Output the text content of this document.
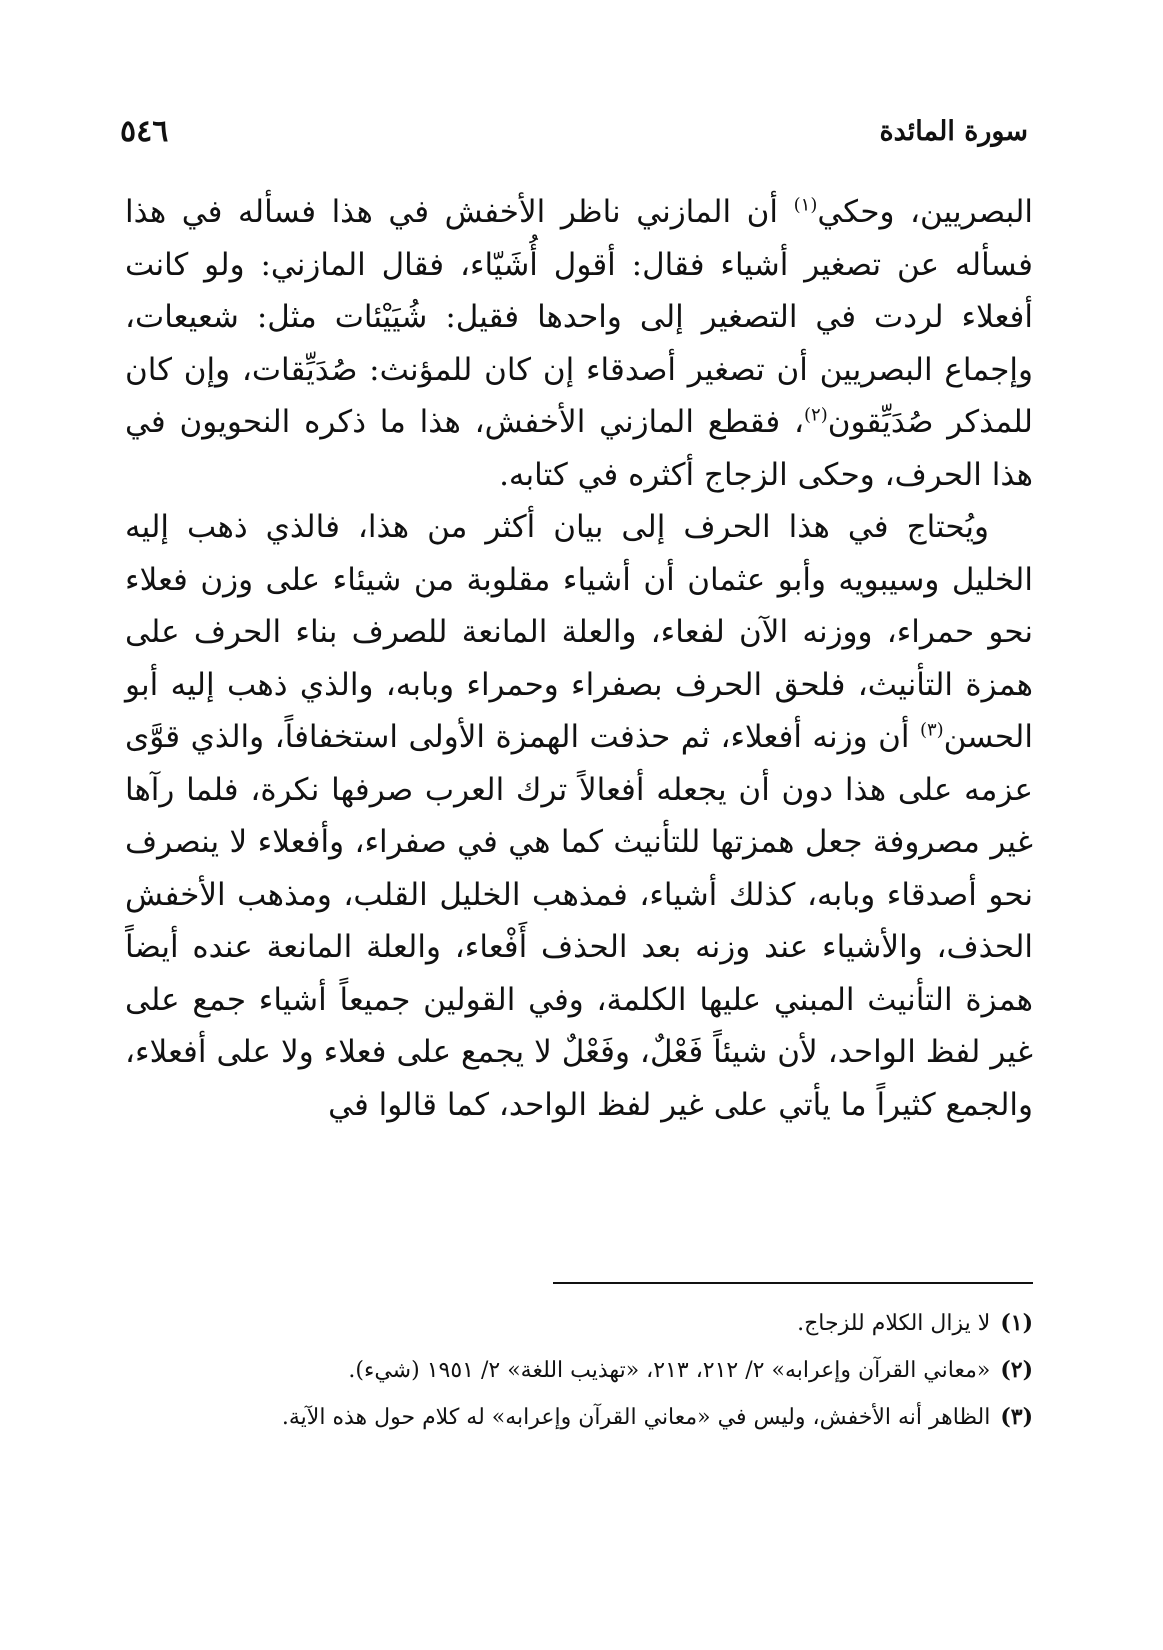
٥٤٦	سورة المائدة

البصريين، وحكي$^{(١)}$ أن المازني ناظر الأخفش في هذا فسأله في هذا فسأله عن تصغير أشياء فقال: أقول أُشَيّاء، فقال المازني: ولو كانت أفعلاء لردت في التصغير إلى واحدها فقيل: شُيَيْئات مثل: شعيعات، وإجماع البصريين أن تصغير أصدقاء إن كان للمؤنث: صُدَيِّقات، وإن كان للمذكر صُدَيِّقون$^{(٢)}$، فقطع المازني الأخفش، هذا ما ذكره النحويون في هذا الحرف، وحكى الزجاج أكثره في كتابه.

ويُحتاج في هذا الحرف إلى بيان أكثر من هذا، فالذي ذهب إليه الخليل وسيبويه وأبو عثمان أن أشياء مقلوبة من شيئاء على وزن فعلاء نحو حمراء، ووزنه الآن لفعاء، والعلة المانعة للصرف بناء الحرف على همزة التأنيث، فلحق الحرف بصفراء وحمراء وبابه، والذي ذهب إليه أبو الحسن$^{(٣)}$ أن وزنه أفعلاء، ثم حذفت الهمزة الأولى استخفافاً، والذي قوَّى عزمه على هذا دون أن يجعله أفعالاً ترك العرب صرفها نكرة، فلما رآها غير مصروفة جعل همزتها للتأنيث كما هي في صفراء، وأفعلاء لا ينصرف نحو أصدقاء وبابه، كذلك أشياء، فمذهب الخليل القلب، ومذهب الأخفش الحذف، والأشياء عند وزنه بعد الحذف أَفْعاء، والعلة المانعة عنده أيضاً همزة التأنيث المبني عليها الكلمة، وفي القولين جميعاً أشياء جمع على غير لفظ الواحد، لأن شيئاً فَعْلٌ، وفَعْلٌ لا يجمع على فعلاء ولا على أفعلاء، والجمع كثيراً ما يأتي على غير لفظ الواحد، كما قالوا في

(١)لا يزال الكلام للزجاج.
(٢)«معاني القرآن وإعرابه» ٢/ ٢١٢، ٢١٣، «تهذيب اللغة» ٢/ ١٩٥١ (شيء).
(٣)الظاهر أنه الأخفش، وليس في «معاني القرآن وإعرابه» له كلام حول هذه الآية.
